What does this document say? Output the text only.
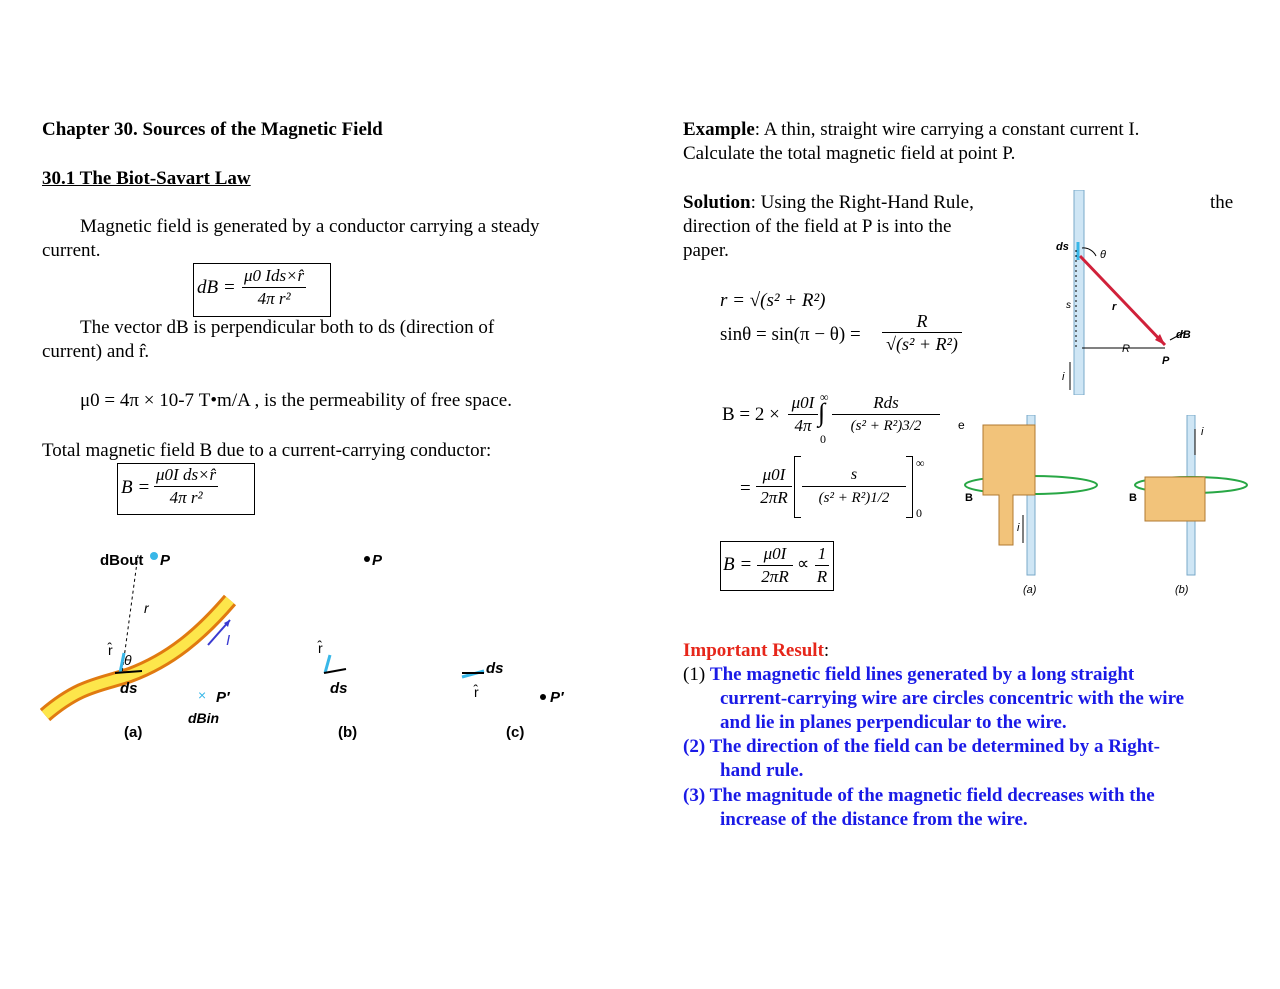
Chapter 30. Sources of the Magnetic Field
30.1 The Biot-Savart Law
Magnetic field is generated by a conductor carrying a steady
current.
dB =
μ0 Ids×r̂
4π r²
The vector dB is perpendicular both to ds (direction of
current) and r̂.
μ0 = 4π × 10-7 T•m/A , is the permeability of free space.
Total magnetic field B due to a current-carrying conductor:
$B = \frac{\text{μ0I ds×r̂}}{\text{4π r²}}$
dBout P
r
r̂
θ
ds
I
× P′
dBin
(a)
P
r̂
ds
(b)
ds
r̂	P′
(c)
Example: A thin, straight wire carrying a constant current I.
Calculate the total magnetic field at point P.
Solution: Using the Right-Hand Rule,	the
direction of the field at P is into the
paper.
r = √(s² + R²)
$\sin\theta = \sin(\pi - \theta) = \frac{R}{\text{√(s² + R²)}}$
$B = 2 \times \frac{\mu 0I}{4\pi}$ ∞
∫
0
Rds
(s² + R²)3/2	e
= $\frac{\mu 0I}{2\pi R} \frac{s}{\text{(s² + R²)1/2}}$
∞
0
$B = \frac{\mu 0I}{2\pi R}$ ∝
1
R
ds
θ
s	r
R
dB
P
i
B
i
(a)
B
i
(b)
Important Result:
(1) The magnetic field lines generated by a long straight
current-carrying wire are circles concentric with the wire
and lie in planes perpendicular to the wire.
(2) The direction of the field can be determined by a Right-
hand rule.
(3) The magnitude of the magnetic field decreases with the
increase of the distance from the wire.
